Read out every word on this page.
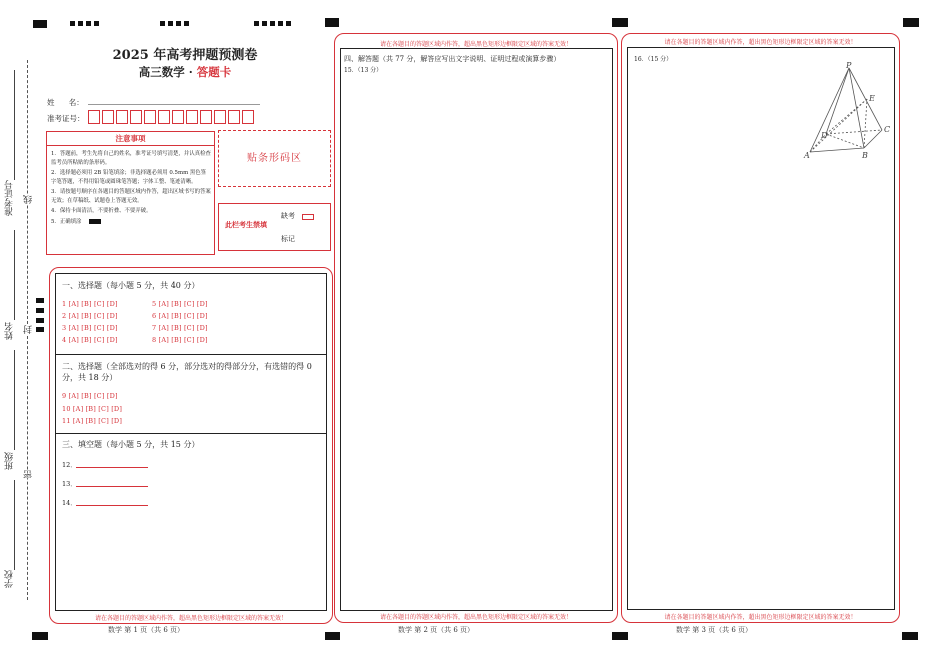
准考证号 线
姓名 封
班级
密
学校
2025 年高考押题预测卷
高三数学 · 答题卡
姓      名：
准考证号：
注意事项
1．答题前，考生先将自己的姓名，准考证号填写清楚，并认真检查监考员所粘贴的条形码。
2．选择题必须用 2B 铅笔填涂；非选择题必须用 0.5mm 黑色签字笔答题，不得用铅笔或圆珠笔答题；字体工整、笔迹清晰。
3．请按题号顺序在各题目的答题区域内作答，超出区域书写的答案无效；在草稿纸、试题卷上答题无效。
4．保持卡面清洁，不要折叠、不要弄破。
5．正确填涂
贴条形码区
此栏考生禁填
缺考
标记
一、选择题（每小题 5 分，共 40 分）
1 [A] [B] [C] [D]
2 [A] [B] [C] [D]
3 [A] [B] [C] [D]
4 [A] [B] [C] [D]
5 [A] [B] [C] [D]
6 [A] [B] [C] [D]
7 [A] [B] [C] [D]
8 [A] [B] [C] [D]
二、选择题（全部选对的得 6 分，部分选对的得部分分，有选错的得 0
分，共 18 分）
9 [A] [B] [C] [D]
10 [A] [B] [C] [D]
11 [A] [B] [C] [D]
三、填空题（每小题 5 分，共 15 分）
12．
13．
14．
请在各题目的答题区域内作答，超出黑色矩形边框限定区域的答案无效！
数学 第 1 页（共 6 页）
请在各题目的答题区域内作答，超出黑色矩形边框限定区域的答案无效！
四、解答题（共 77 分，解答应写出文字说明、证明过程或演算步骤）
15．（13 分）
请在各题目的答题区域内作答，超出黑色矩形边框限定区域的答案无效！
数学 第 2 页（共 6 页）
请在各题目的答题区域内作答，超出黑色矩形边框限定区域的答案无效！
16．（15 分）
请在各题目的答题区域内作答，超出黑色矩形边框限定区域的答案无效！
数学 第 3 页（共 6 页）
P
E
C
D
A	B
